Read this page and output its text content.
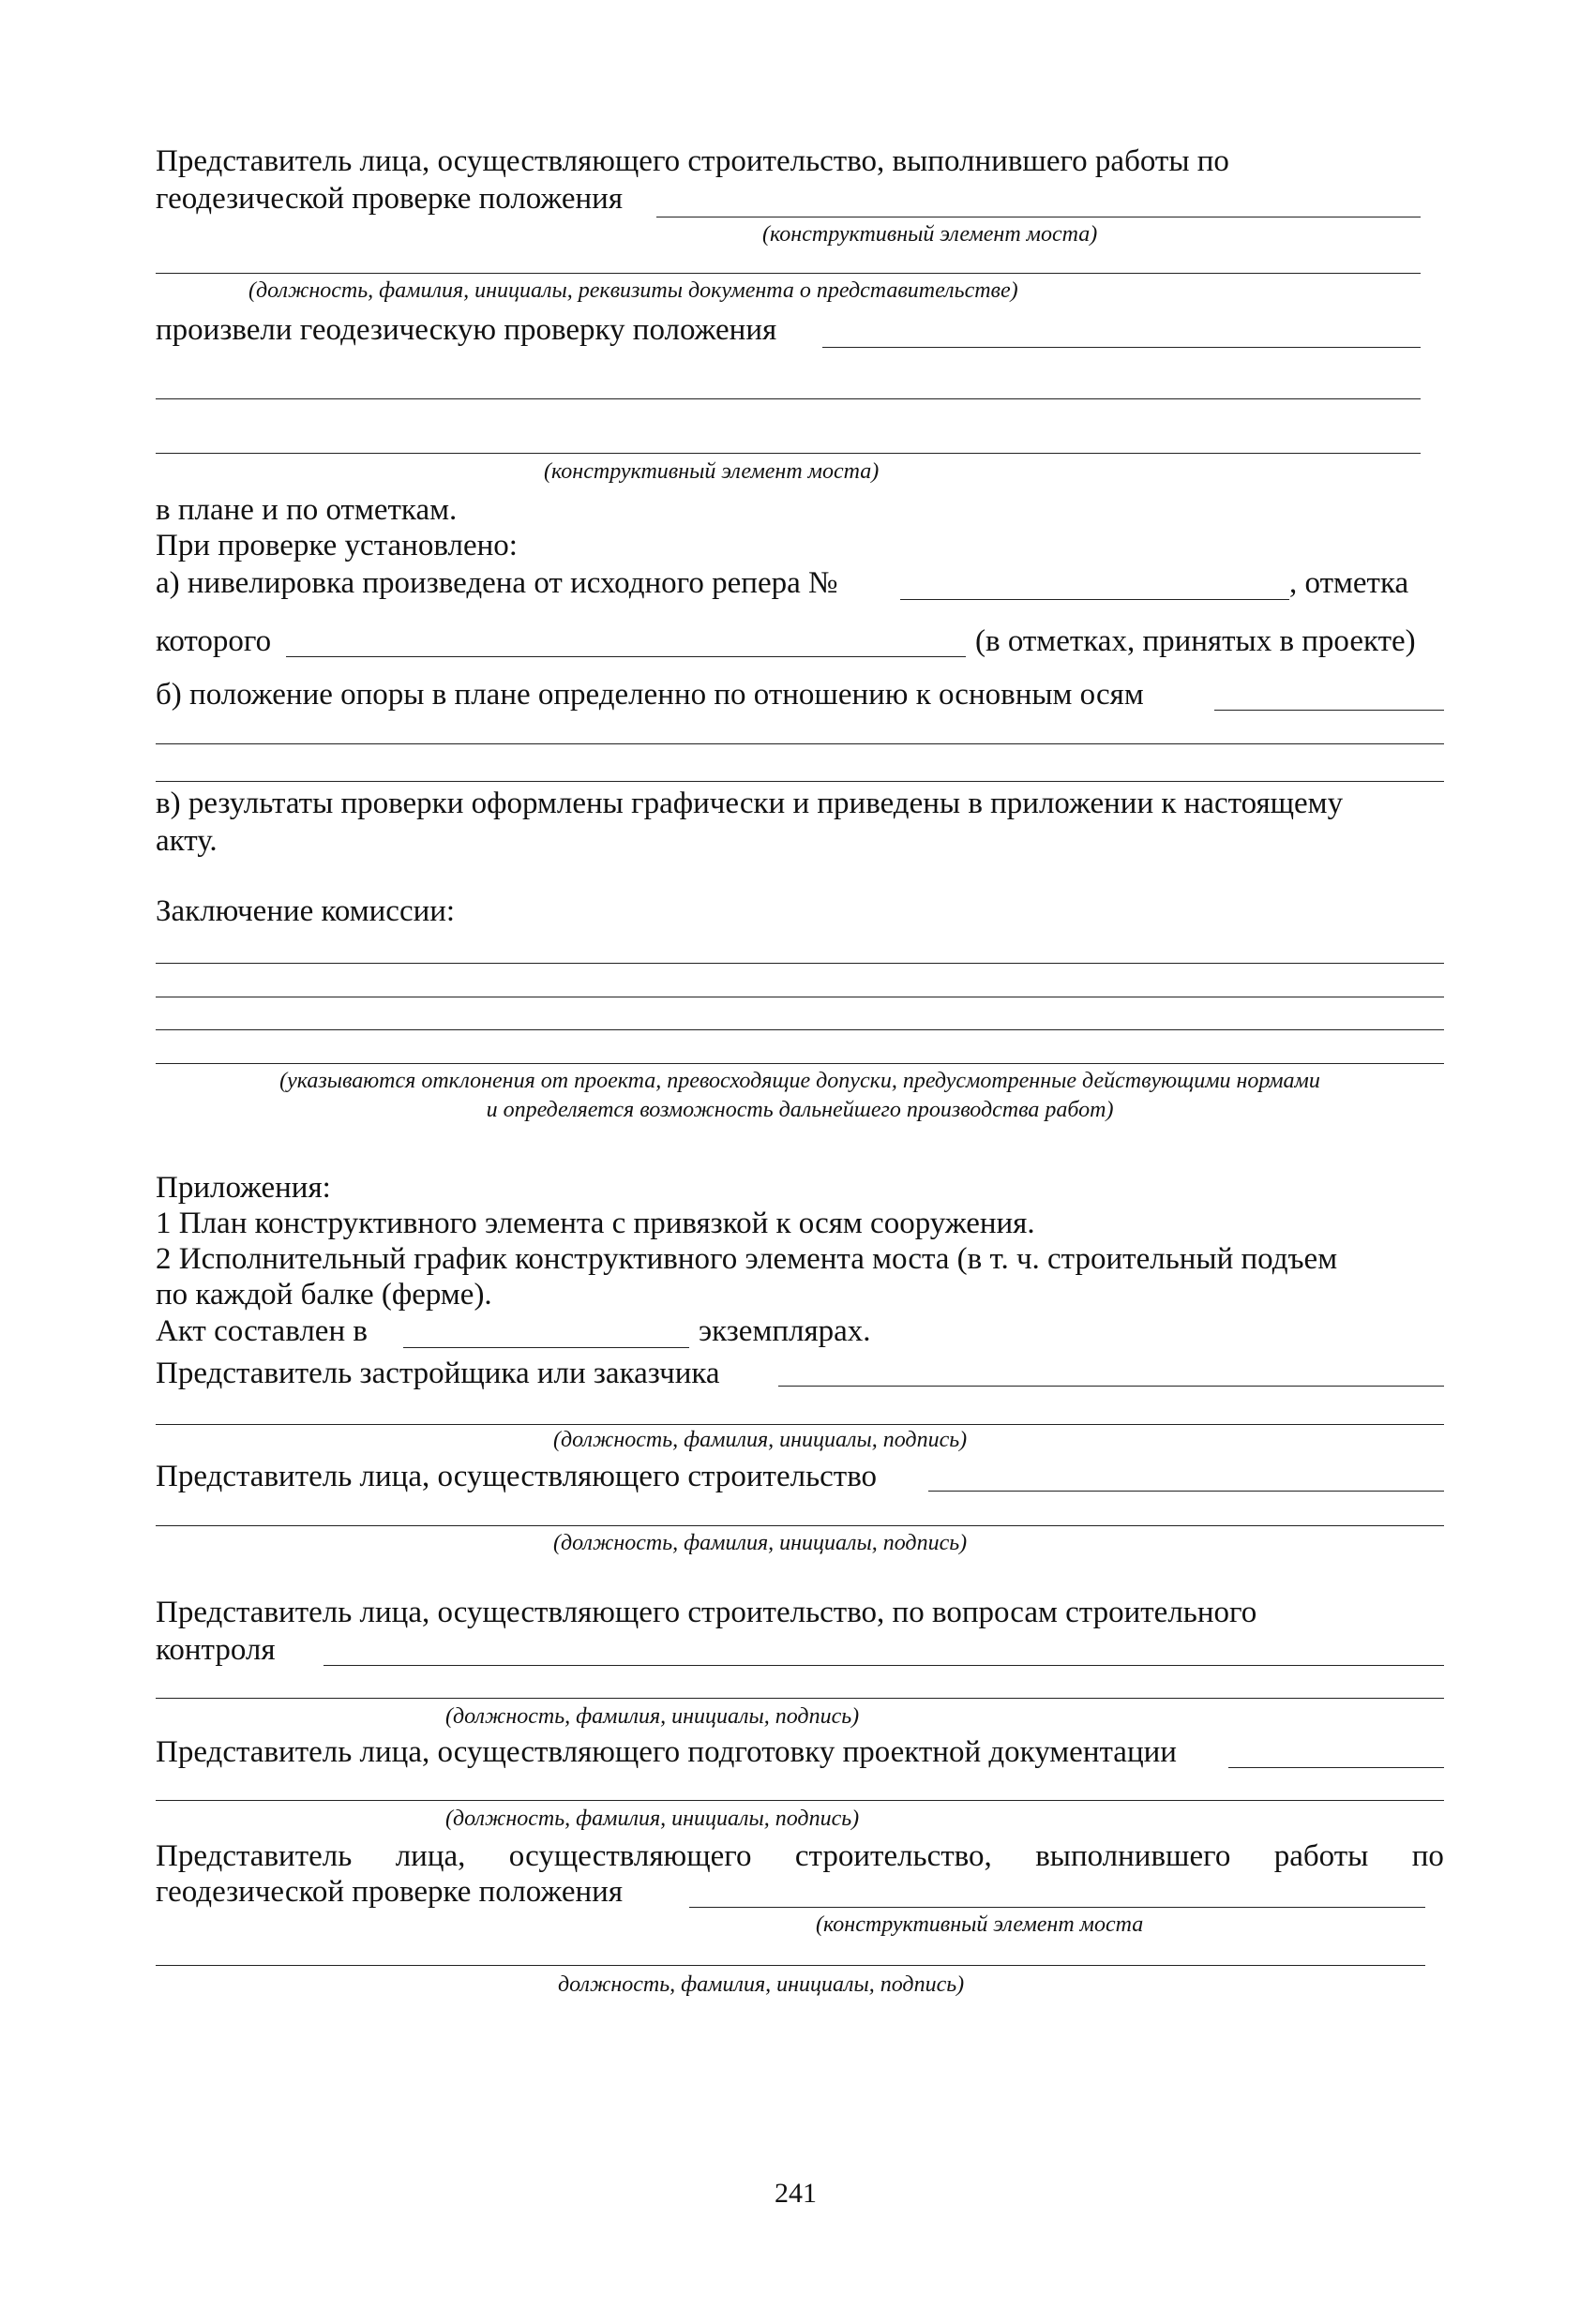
Представитель лица, осуществляющего строительство, выполнившего работы по
геодезической проверке положения
(конструктивный элемент моста)
(должность, фамилия, инициалы, реквизиты документа о представительстве)
произвели геодезическую проверку положения
(конструктивный элемент моста)
в плане и по отметкам.
При проверке установлено:
а) нивелировка произведена от исходного репера №	, отметка
которого	(в отметках, принятых в проекте)
б) положение опоры в плане определенно по отношению к основным осям
в) результаты проверки оформлены графически и приведены в приложении к настоящему
акту.
Заключение комиссии:
(указываются отклонения от проекта, превосходящие допуски, предусмотренные действующими нормами
и определяется возможность дальнейшего производства работ)
Приложения:
1 План конструктивного элемента с привязкой к осям сооружения.
2 Исполнительный график конструктивного элемента моста (в т. ч. строительный подъем
по каждой балке (ферме).
Акт составлен в	экземплярах.
Представитель застройщика или заказчика
(должность, фамилия, инициалы, подпись)
Представитель лица, осуществляющего строительство
(должность, фамилия, инициалы, подпись)
Представитель лица, осуществляющего строительство, по вопросам строительного
контроля
(должность, фамилия, инициалы, подпись)
Представитель лица, осуществляющего подготовку проектной документации
(должность, фамилия, инициалы, подпись)
Представитель лица, осуществляющего строительство, выполнившего работы по
геодезической проверке положения
(конструктивный элемент моста
должность, фамилия, инициалы, подпись)
241
